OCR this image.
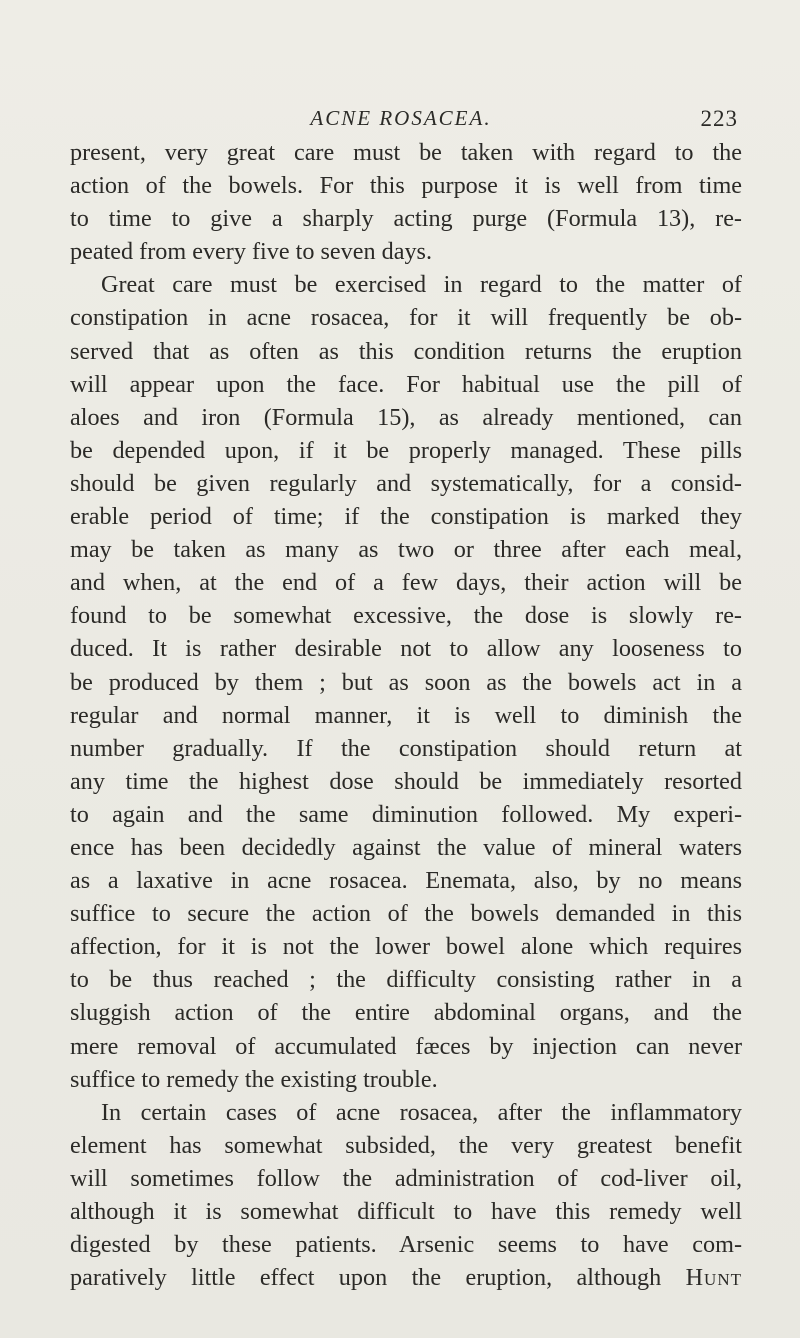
ACNE ROSACEA.	223
present, very great care must be taken with regard to the
action of the bowels. For this purpose it is well from time
to time to give a sharply acting purge (Formula 13), re-
peated from every five to seven days.
Great care must be exercised in regard to the matter of
constipation in acne rosacea, for it will frequently be ob-
served that as often as this condition returns the eruption
will appear upon the face. For habitual use the pill of
aloes and iron (Formula 15), as already mentioned, can
be depended upon, if it be properly managed. These pills
should be given regularly and systematically, for a consid-
erable period of time; if the constipation is marked they
may be taken as many as two or three after each meal,
and when, at the end of a few days, their action will be
found to be somewhat excessive, the dose is slowly re-
duced. It is rather desirable not to allow any looseness to
be produced by them ; but as soon as the bowels act in a
regular and normal manner, it is well to diminish the
number gradually. If the constipation should return at
any time the highest dose should be immediately resorted
to again and the same diminution followed. My experi-
ence has been decidedly against the value of mineral waters
as a laxative in acne rosacea. Enemata, also, by no means
suffice to secure the action of the bowels demanded in this
affection, for it is not the lower bowel alone which requires
to be thus reached ; the difficulty consisting rather in a
sluggish action of the entire abdominal organs, and the
mere removal of accumulated fæces by injection can never
suffice to remedy the existing trouble.
In certain cases of acne rosacea, after the inflammatory
element has somewhat subsided, the very greatest benefit
will sometimes follow the administration of cod-liver oil,
although it is somewhat difficult to have this remedy well
digested by these patients. Arsenic seems to have com-
paratively little effect upon the eruption, although Hunt
